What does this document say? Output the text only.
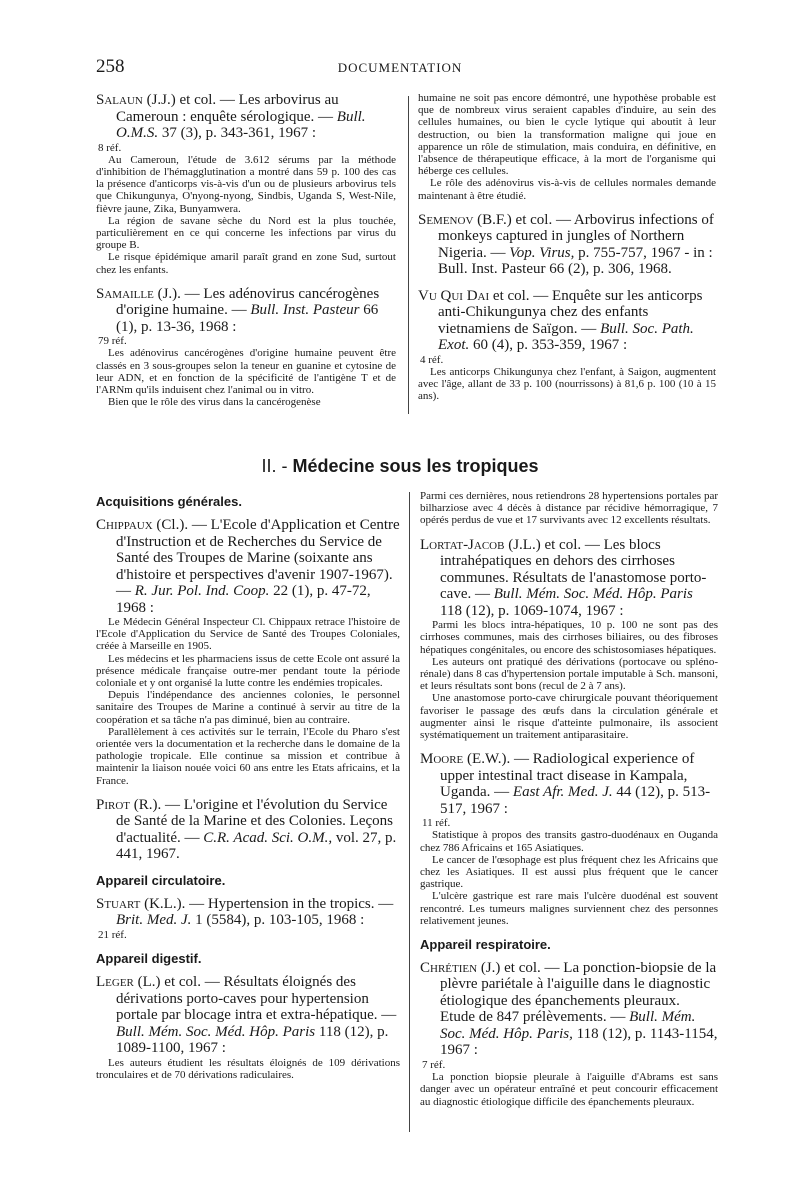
258	DOCUMENTATION

Salaun (J.J.) et col. — Les arbovirus au Cameroun : enquête sérologique. — Bull. O.M.S. 37 (3), p. 343-361, 1967 :

8 réf.

Au Cameroun, l'étude de 3.612 sérums par la méthode d'inhibition de l'hémagglutination a montré dans 59 p. 100 des cas la présence d'anticorps vis-à-vis d'un ou de plusieurs arbovirus tels que Chikungunya, O'nyong-nyong, Sindbis, Uganda S, West-Nile, fièvre jaune, Zika, Bunyamwera.

La région de savane sèche du Nord est la plus touchée, particulièrement en ce qui concerne les infections par virus du groupe B.

Le risque épidémique amaril paraît grand en zone Sud, surtout chez les enfants.

Samaille (J.). — Les adénovirus cancérogènes d'origine humaine. — Bull. Inst. Pasteur 66 (1), p. 13-36, 1968 :

79 réf.

Les adénovirus cancérogènes d'origine humaine peuvent être classés en 3 sous-groupes selon la teneur en guanine et cytosine de leur ADN, et en fonction de la spécificité de l'antigène T et de l'ARNm qu'ils induisent chez l'animal ou in vitro.

Bien que le rôle des virus dans la cancérogenèse

humaine ne soit pas encore démontré, une hypothèse probable est que de nombreux virus seraient capables d'induire, au sein des cellules humaines, ou bien le cycle lytique qui aboutit à leur destruction, ou bien la transformation maligne qui joue en apparence un rôle de stimulation, mais conduira, en définitive, en l'absence de thérapeutique efficace, à la mort de l'organisme qui héberge ces cellules.

Le rôle des adénovirus vis-à-vis de cellules normales demande maintenant à être étudié.

Semenov (B.F.) et col. — Arbovirus infections of monkeys captured in jungles of Northern Nigeria. — Vop. Virus, p. 755-757, 1967 - in : Bull. Inst. Pasteur 66 (2), p. 306, 1968.

Vu Qui Dai et col. — Enquête sur les anticorps anti-Chikungunya chez des enfants vietnamiens de Saïgon. — Bull. Soc. Path. Exot. 60 (4), p. 353-359, 1967 :

4 réf.

Les anticorps Chikungunya chez l'enfant, à Saigon, augmentent avec l'âge, allant de 33 p. 100 (nourrissons) à 81,6 p. 100 (10 à 15 ans).

II. - Médecine sous les tropiques
Acquisitions générales.

Chippaux (Cl.). — L'Ecole d'Application et Centre d'Instruction et de Recherches du Service de Santé des Troupes de Marine (soixante ans d'histoire et perspectives d'avenir 1907-1967). — R. Jur. Pol. Ind. Coop. 22 (1), p. 47-72, 1968 :

Le Médecin Général Inspecteur Cl. Chippaux retrace l'histoire de l'Ecole d'Application du Service de Santé des Troupes Coloniales, créée à Marseille en 1905.

Les médecins et les pharmaciens issus de cette Ecole ont assuré la présence médicale française outre-mer pendant toute la période coloniale et y ont organisé la lutte contre les endémies tropicales.

Depuis l'indépendance des anciennes colonies, le personnel sanitaire des Troupes de Marine a continué à servir au titre de la coopération et sa tâche n'a pas diminué, bien au contraire.

Parallèlement à ces activités sur le terrain, l'Ecole du Pharo s'est orientée vers la documentation et la recherche dans le domaine de la pathologie tropicale. Elle continue sa mission et contribue à maintenir la liaison nouée voici 60 ans entre les Etats africains, et la France.

Pirot (R.). — L'origine et l'évolution du Service de Santé de la Marine et des Colonies. Leçons d'actualité. — C.R. Acad. Sci. O.M., vol. 27, p. 441, 1967.

Appareil circulatoire.

Stuart (K.L.). — Hypertension in the tropics. — Brit. Med. J. 1 (5584), p. 103-105, 1968 :

21 réf.
Appareil digestif.

Leger (L.) et col. — Résultats éloignés des dérivations porto-caves pour hypertension portale par blocage intra et extra-hépatique. — Bull. Mém. Soc. Méd. Hôp. Paris 118 (12), p. 1089-1100, 1967 :

Les auteurs étudient les résultats éloignés de 109 dérivations tronculaires et de 70 dérivations radiculaires.

Parmi ces dernières, nous retiendrons 28 hypertensions portales par bilharziose avec 4 décès à distance par récidive hémorragique, 7 opérés perdus de vue et 17 survivants avec 12 excellents résultats.

Lortat-Jacob (J.L.) et col. — Les blocs intrahépatiques en dehors des cirrhoses communes. Résultats de l'anastomose porto-cave. — Bull. Mém. Soc. Méd. Hôp. Paris 118 (12), p. 1069-1074, 1967 :

Parmi les blocs intra-hépatiques, 10 p. 100 ne sont pas des cirrhoses communes, mais des cirrhoses biliaires, ou des fibroses hépatiques congénitales, ou encore des schistosomiases hépatiques.

Les auteurs ont pratiqué des dérivations (portocave ou spléno-rénale) dans 8 cas d'hypertension portale imputable à Sch. mansoni, et leurs résultats sont bons (recul de 2 à 7 ans).

Une anastomose porto-cave chirurgicale pouvant théoriquement favoriser le passage des œufs dans la circulation générale et augmenter ainsi le risque d'atteinte pulmonaire, ils associent systématiquement un traitement antiparasitaire.

Moore (E.W.). — Radiological experience of upper intestinal tract disease in Kampala, Uganda. — East Afr. Med. J. 44 (12), p. 513-517, 1967 :

11 réf.

Statistique à propos des transits gastro-duodénaux en Ouganda chez 786 Africains et 165 Asiatiques.

Le cancer de l'œsophage est plus fréquent chez les Africains que chez les Asiatiques. Il est aussi plus fréquent que le cancer gastrique.

L'ulcère gastrique est rare mais l'ulcère duodénal est souvent rencontré. Les tumeurs malignes surviennent chez des personnes relativement jeunes.

Appareil respiratoire.

Chrétien (J.) et col. — La ponction-biopsie de la plèvre pariétale à l'aiguille dans le diagnostic étiologique des épanchements pleuraux. Etude de 847 prélèvements. — Bull. Mém. Soc. Méd. Hôp. Paris, 118 (12), p. 1143-1154, 1967 :

7 réf.

La ponction biopsie pleurale à l'aiguille d'Abrams est sans danger avec un opérateur entraîné et peut concourir efficacement au diagnostic étiologique difficile des épanchements pleuraux.
